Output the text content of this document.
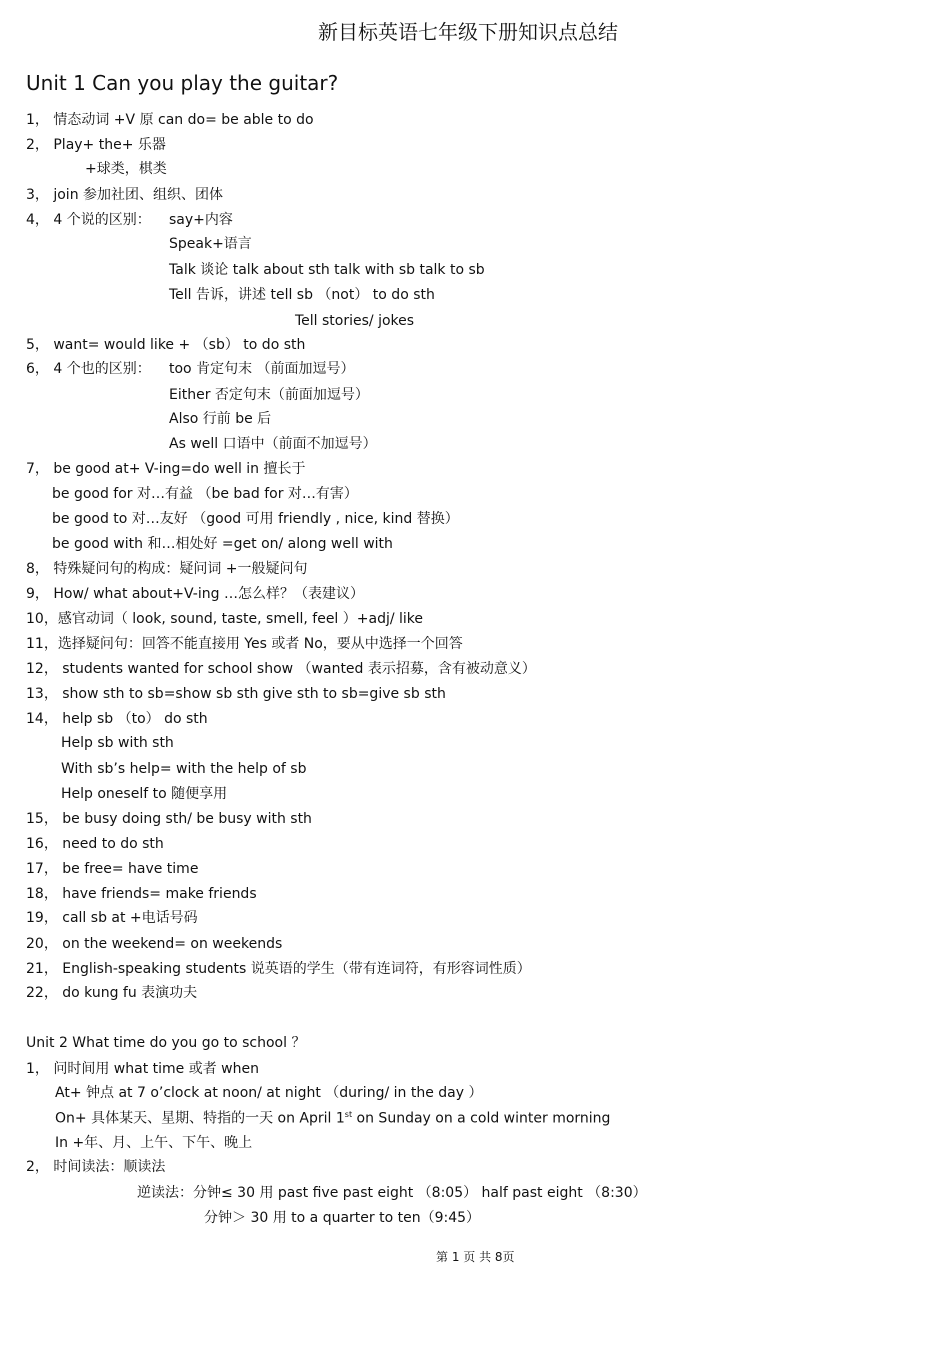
新目标英语七年级下册知识点总结
Unit 1 Can you play the guitar?
1， 情态动词 +V 原 can do= be able to do
2， Play+ the+ 乐器
+球类，棋类
3， join 参加社团、组织、团体
4， 4 个说的区别： say+内容
Speak+语言
Talk 谈论 talk about sth talk with sb talk to sb
Tell 告诉，讲述 tell sb （not） to do sth
Tell stories/ jokes
5， want= would like + （sb） to do sth
6， 4 个也的区别： too 肯定句末 （前面加逗号）
Either 否定句末（前面加逗号）
Also 行前 be 后
As well 口语中（前面不加逗号）
7， be good at+ V-ing=do well in 擅长于
be good for 对…有益 （be bad for 对…有害）
be good to 对…友好 （good 可用 friendly , nice, kind 替换）
be good with 和…相处好 =get on/ along well with
8， 特殊疑问句的构成：疑问词 +一般疑问句
9， How/ what about+V-ing …怎么样？（表建议）
10，感官动词（ look, sound, taste, smell, feel ）+adj/ like
11，选择疑问句：回答不能直接用 Yes 或者 No，要从中选择一个回答
12， students wanted for school show （wanted 表示招募，含有被动意义）
13， show sth to sb=show sb sth give sth to sb=give sb sth
14， help sb （to） do sth
Help sb with sth
With sb’s help= with the help of sb
Help oneself to 随便享用
15， be busy doing sth/ be busy with sth
16， need to do sth
17， be free= have time
18， have friends= make friends
19， call sb at +电话号码
20， on the weekend= on weekends
21， English-speaking students 说英语的学生（带有连词符，有形容词性质）
22， do kung fu 表演功夫
Unit 2 What time do you go to school ？
1， 问时间用 what time 或者 when
At+ 钟点 at 7 o’clock at noon/ at night （during/ in the day ）
On+ 具体某天、星期、特指的一天 on April 1st on Sunday on a cold winter morning
In +年、月、上午、下午、晚上
2， 时间读法：顺读法
逆读法：分钟≤ 30 用 past five past eight （8:05） half past eight （8:30）
分钟＞ 30 用 to a quarter to ten（9:45）
第 1 页 共 8页
